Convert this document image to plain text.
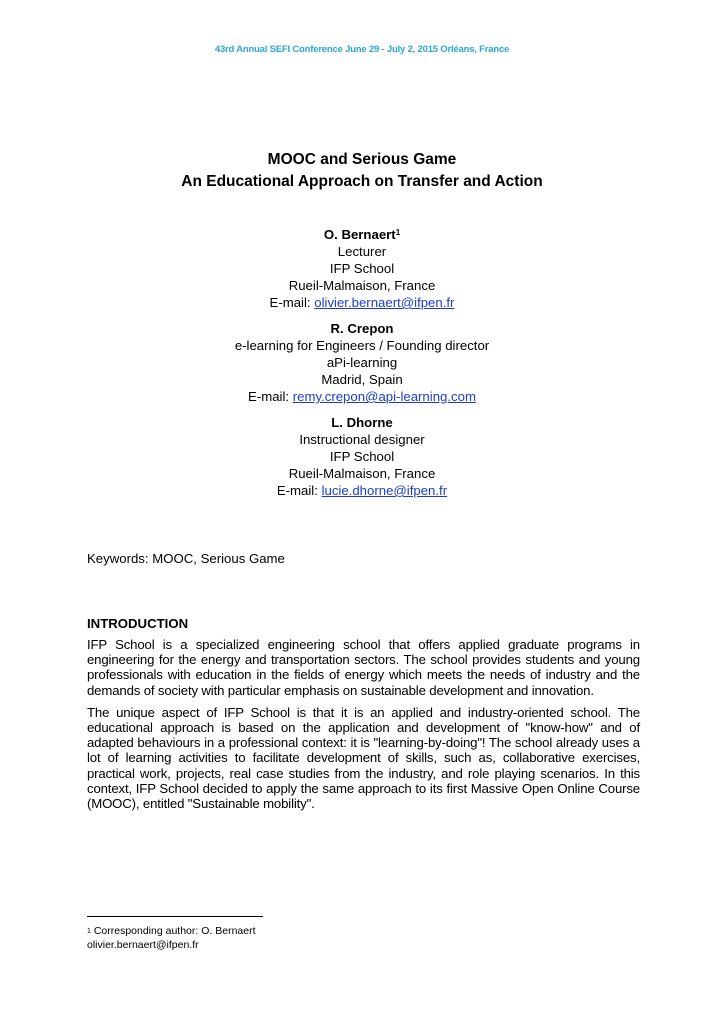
43rd Annual SEFI Conference June 29 - July 2, 2015 Orléans, France
MOOC and Serious Game
An Educational Approach on Transfer and Action
O. Bernaert$^1$
Lecturer
IFP School
Rueil-Malmaison, France
E-mail: olivier.bernaert@ifpen.fr
R. Crepon
e-learning for Engineers / Founding director
aPi-learning
Madrid, Spain
E-mail: remy.crepon@api-learning.com
L. Dhorne
Instructional designer
IFP School
Rueil-Malmaison, France
E-mail: lucie.dhorne@ifpen.fr
Keywords: MOOC, Serious Game
INTRODUCTION

IFP School is a specialized engineering school that offers applied graduate programs in engineering for the energy and transportation sectors. The school provides students and young professionals with education in the fields of energy which meets the needs of industry and the demands of society with particular emphasis on sustainable development and innovation.

The unique aspect of IFP School is that it is an applied and industry-oriented school. The educational approach is based on the application and development of "know-how" and of adapted behaviours in a professional context: it is "learning-by-doing"! The school already uses a lot of learning activities to facilitate development of skills, such as, collaborative exercises, practical work, projects, real case studies from the industry, and role playing scenarios. In this context, IFP School decided to apply the same approach to its first Massive Open Online Course (MOOC), entitled "Sustainable mobility".

$^1$ Corresponding author: O. Bernaert
olivier.bernaert@ifpen.fr
